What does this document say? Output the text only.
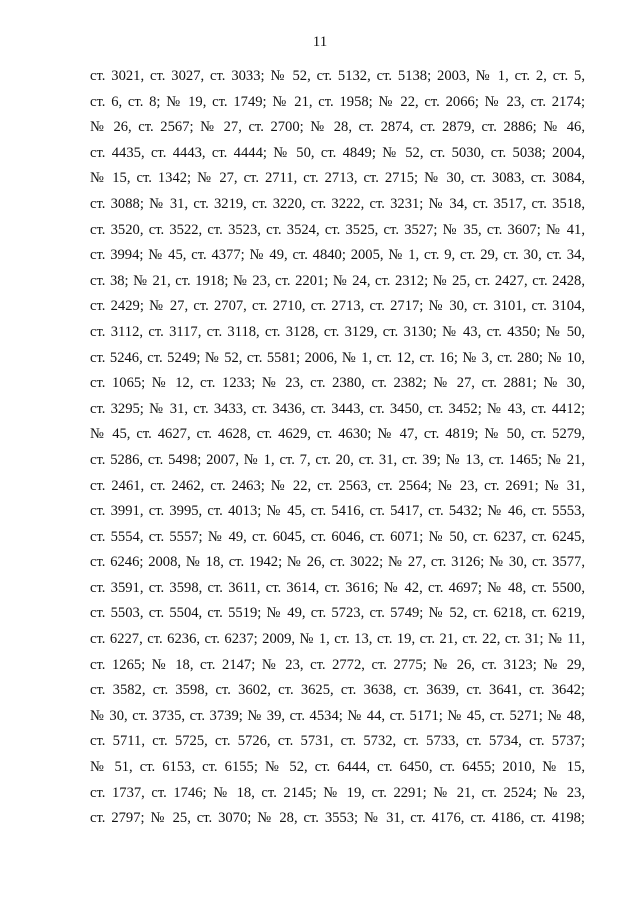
11
ст. 3021, ст. 3027, ст. 3033; № 52, ст. 5132, ст. 5138; 2003, № 1, ст. 2, ст. 5,
ст. 6, ст. 8; № 19, ст. 1749; № 21, ст. 1958; № 22, ст. 2066; № 23, ст. 2174;
№ 26, ст. 2567; № 27, ст. 2700; № 28, ст. 2874, ст. 2879, ст. 2886; № 46,
ст. 4435, ст. 4443, ст. 4444; № 50, ст. 4849; № 52, ст. 5030, ст. 5038; 2004,
№ 15, ст. 1342; № 27, ст. 2711, ст. 2713, ст. 2715; № 30, ст. 3083, ст. 3084,
ст. 3088; № 31, ст. 3219, ст. 3220, ст. 3222, ст. 3231; № 34, ст. 3517, ст. 3518,
ст. 3520, ст. 3522, ст. 3523, ст. 3524, ст. 3525, ст. 3527; № 35, ст. 3607; № 41,
ст. 3994; № 45, ст. 4377; № 49, ст. 4840; 2005, № 1, ст. 9, ст. 29, ст. 30, ст. 34,
ст. 38; № 21, ст. 1918; № 23, ст. 2201; № 24, ст. 2312; № 25, ст. 2427, ст. 2428,
ст. 2429; № 27, ст. 2707, ст. 2710, ст. 2713, ст. 2717; № 30, ст. 3101, ст. 3104,
ст. 3112, ст. 3117, ст. 3118, ст. 3128, ст. 3129, ст. 3130; № 43, ст. 4350; № 50,
ст. 5246, ст. 5249; № 52, ст. 5581; 2006, № 1, ст. 12, ст. 16; № 3, ст. 280; № 10,
ст. 1065; № 12, ст. 1233; № 23, ст. 2380, ст. 2382; № 27, ст. 2881; № 30,
ст. 3295; № 31, ст. 3433, ст. 3436, ст. 3443, ст. 3450, ст. 3452; № 43, ст. 4412;
№ 45, ст. 4627, ст. 4628, ст. 4629, ст. 4630; № 47, ст. 4819; № 50, ст. 5279,
ст. 5286, ст. 5498; 2007, № 1, ст. 7, ст. 20, ст. 31, ст. 39; № 13, ст. 1465; № 21,
ст. 2461, ст. 2462, ст. 2463; № 22, ст. 2563, ст. 2564; № 23, ст. 2691; № 31,
ст. 3991, ст. 3995, ст. 4013; № 45, ст. 5416, ст. 5417, ст. 5432; № 46, ст. 5553,
ст. 5554, ст. 5557; № 49, ст. 6045, ст. 6046, ст. 6071; № 50, ст. 6237, ст. 6245,
ст. 6246; 2008, № 18, ст. 1942; № 26, ст. 3022; № 27, ст. 3126; № 30, ст. 3577,
ст. 3591, ст. 3598, ст. 3611, ст. 3614, ст. 3616; № 42, ст. 4697; № 48, ст. 5500,
ст. 5503, ст. 5504, ст. 5519; № 49, ст. 5723, ст. 5749; № 52, ст. 6218, ст. 6219,
ст. 6227, ст. 6236, ст. 6237; 2009, № 1, ст. 13, ст. 19, ст. 21, ст. 22, ст. 31; № 11,
ст. 1265; № 18, ст. 2147; № 23, ст. 2772, ст. 2775; № 26, ст. 3123; № 29,
ст. 3582, ст. 3598, ст. 3602, ст. 3625, ст. 3638, ст. 3639, ст. 3641, ст. 3642;
№ 30, ст. 3735, ст. 3739; № 39, ст. 4534; № 44, ст. 5171; № 45, ст. 5271; № 48,
ст. 5711, ст. 5725, ст. 5726, ст. 5731, ст. 5732, ст. 5733, ст. 5734, ст. 5737;
№ 51, ст. 6153, ст. 6155; № 52, ст. 6444, ст. 6450, ст. 6455; 2010, № 15,
ст. 1737, ст. 1746; № 18, ст. 2145; № 19, ст. 2291; № 21, ст. 2524; № 23,
ст. 2797; № 25, ст. 3070; № 28, ст. 3553; № 31, ст. 4176, ст. 4186, ст. 4198;
